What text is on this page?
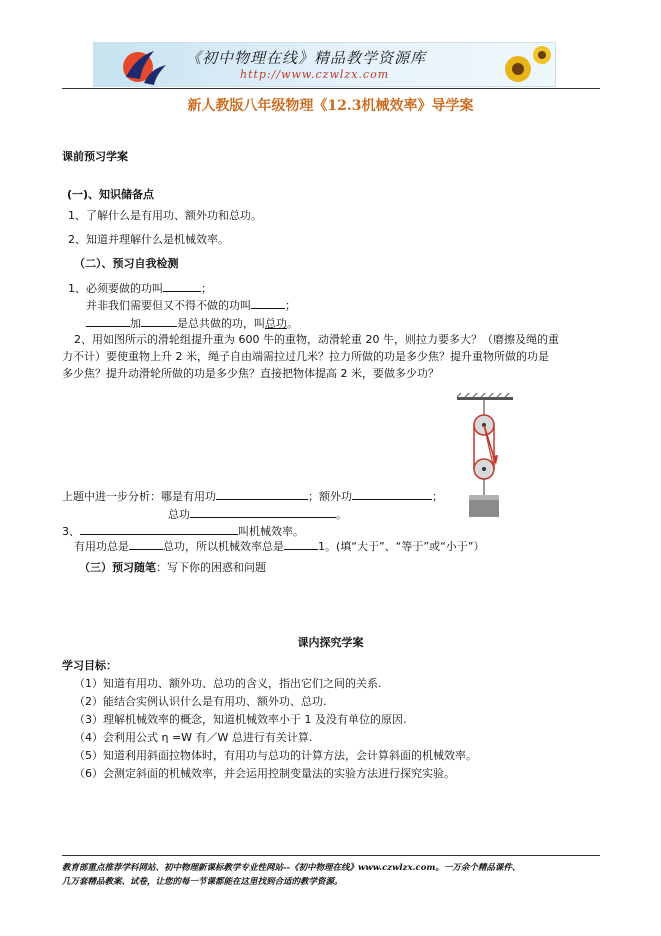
《初中物理在线》精品教学资源库
http://www.czwlzx.com
新人教版八年级物理《12.3机械效率》导学案
课前预习学案
(一)、知识储备点
1、了解什么是有用功、额外功和总功。
2、知道并理解什么是机械效率。
（二）、预习自我检测
1、必须要做的功叫	；
并非我们需要但又不得不做的功叫	；
加	是总共做的功，叫总功。
2、用如图所示的滑轮组提升重为 600 牛的重物，动滑轮重 20 牛，则拉力要多大？（磨擦及绳的重
力不计）要使重物上升 2 米，绳子自由端需拉过几米？拉力所做的功是多少焦？提升重物所做的功是
多少焦？提升动滑轮所做的功是多少焦？直接把物体提高 2 米，要做多少功？
上题中进一步分析：哪是有用功	；额外功	；
总功	。
3、	叫机械效率。
有用功总是	总功，所以机械效率总是	1。(填“大于”、“等于”或“小于”）
（三）预习随笔：写下你的困惑和问题
课内探究学案
学习目标：
（1）知道有用功、额外功、总功的含义，指出它们之间的关系.
（2）能结合实例认识什么是有用功、额外功、总功.
（3）理解机械效率的概念，知道机械效率小于 1 及没有单位的原因.
（4）会利用公式 η =W 有／W 总进行有关计算.
（5）知道利用斜面拉物体时，有用功与总功的计算方法，会计算斜面的机械效率。
（6）会测定斜面的机械效率，并会运用控制变量法的实验方法进行探究实验。
教育部重点推荐学科网站、初中物理新课标教学专业性网站--《初中物理在线》www.czwlzx.com。一万余个精品课件、
几万套精品教案、试卷，让您的每一节课都能在这里找到合适的教学资源。
